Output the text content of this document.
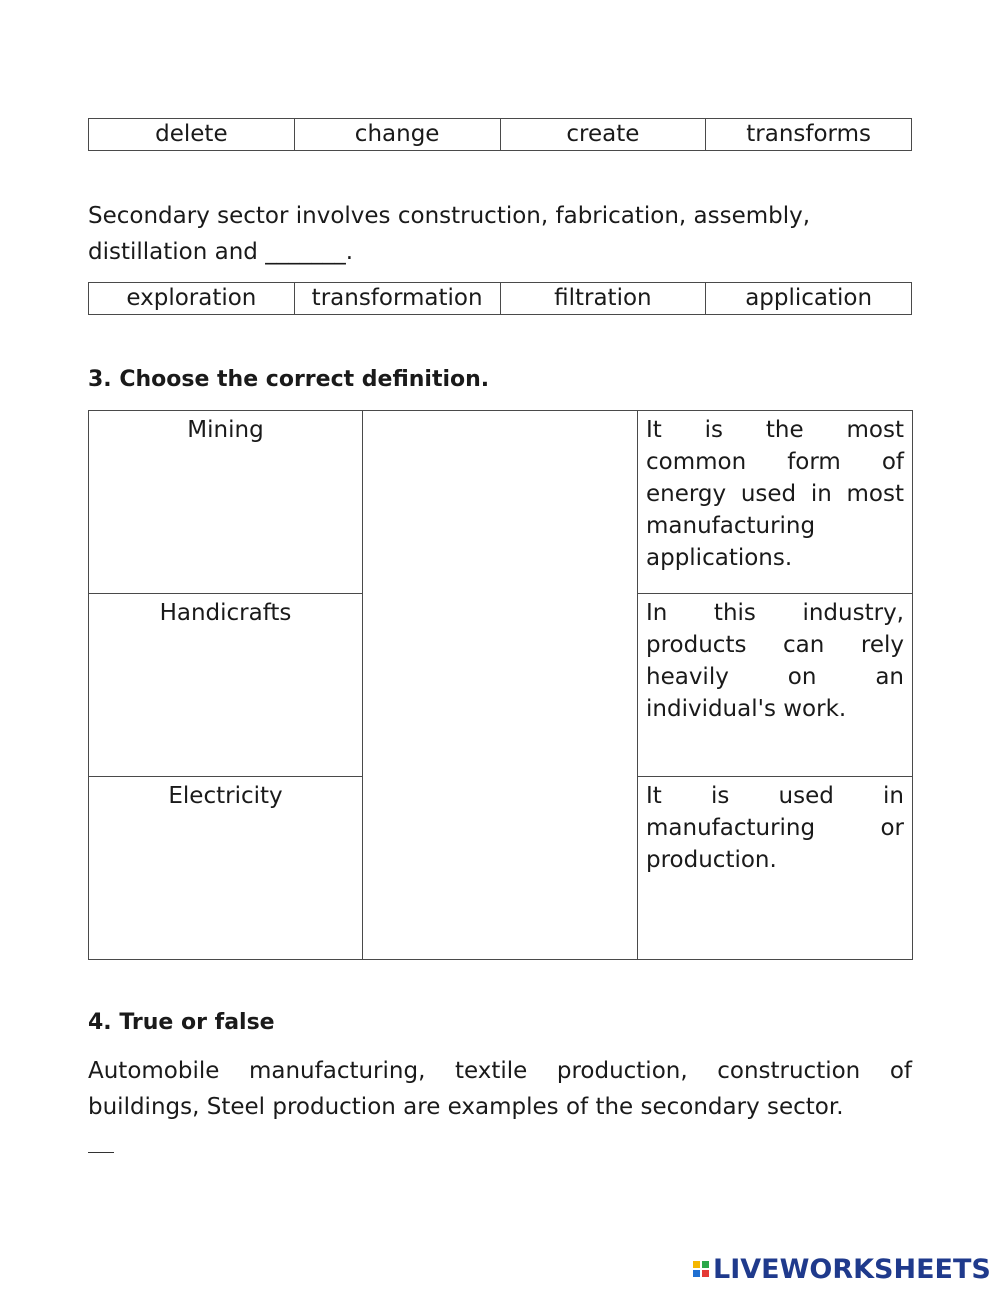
delete	change	create	transforms

Secondary sector involves construction, fabrication, assembly, distillation and _______.

exploration	transformation	filtration	application

3. Choose the correct definition.

Mining		It is the most common form of energy used in most manufacturing applications.
Handicrafts		In this industry, products can rely heavily on an individual's work.
Electricity		It is used in manufacturing or production.

4. True or false

Automobile manufacturing, textile production, construction of buildings, Steel production are examples of the secondary sector.

LIVEWORKSHEETS
